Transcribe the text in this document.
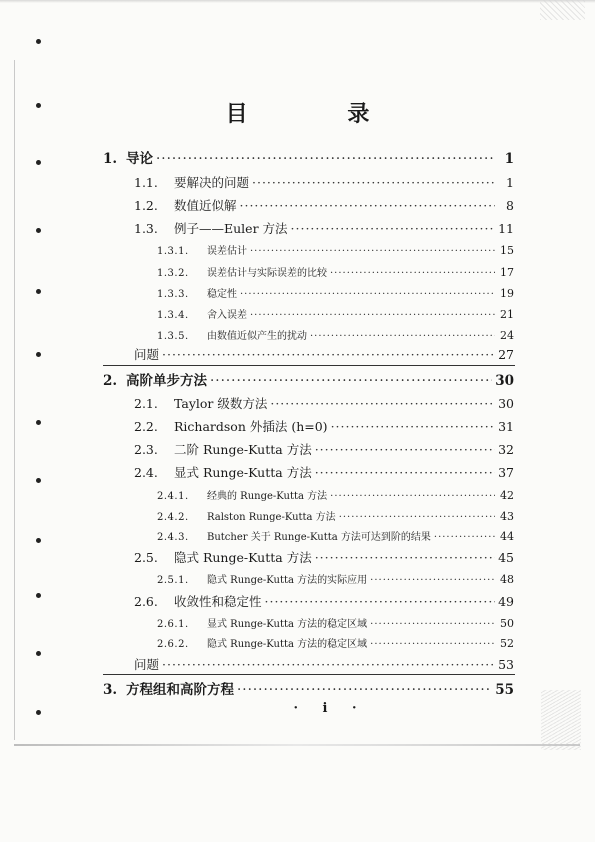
目 录
1. 导论 ·····	1
1.1.	要解决的问题 ·····	1
1.2.	数值近似解 ·····	8
1.3.	例子——Euler 方法 ·····	11
1.3.1.	误差估计 ·····	15
1.3.2.	误差估计与实际误差的比较 ·····	17
1.3.3.	稳定性 ·····	19
1.3.4.	舍入误差 ·····	21
1.3.5.	由数值近似产生的扰动 ·····	24
问题 ·····	27
2. 高阶单步方法 ·····	30
2.1.	Taylor 级数方法 ·····	30
2.2.	Richardson 外插法 (h=0) ·····	31
2.3.	二阶 Runge-Kutta 方法 ·····	32
2.4.	显式 Runge-Kutta 方法 ·····	37
2.4.1.	经典的 Runge-Kutta 方法 ·····	42
2.4.2.	Ralston Runge-Kutta 方法 ·····	43
2.4.3.	Butcher 关于 Runge-Kutta 方法可达到阶的结果 ·····	44
2.5.	隐式 Runge-Kutta 方法 ·····	45
2.5.1.	隐式 Runge-Kutta 方法的实际应用 ·····	48
2.6.	收敛性和稳定性 ·····	49
2.6.1.	显式 Runge-Kutta 方法的稳定区域 ·····	50
2.6.2.	隐式 Runge-Kutta 方法的稳定区域 ·····	52
问题 ·····	53
3. 方程组和高阶方程 ·····	55
· i ·
